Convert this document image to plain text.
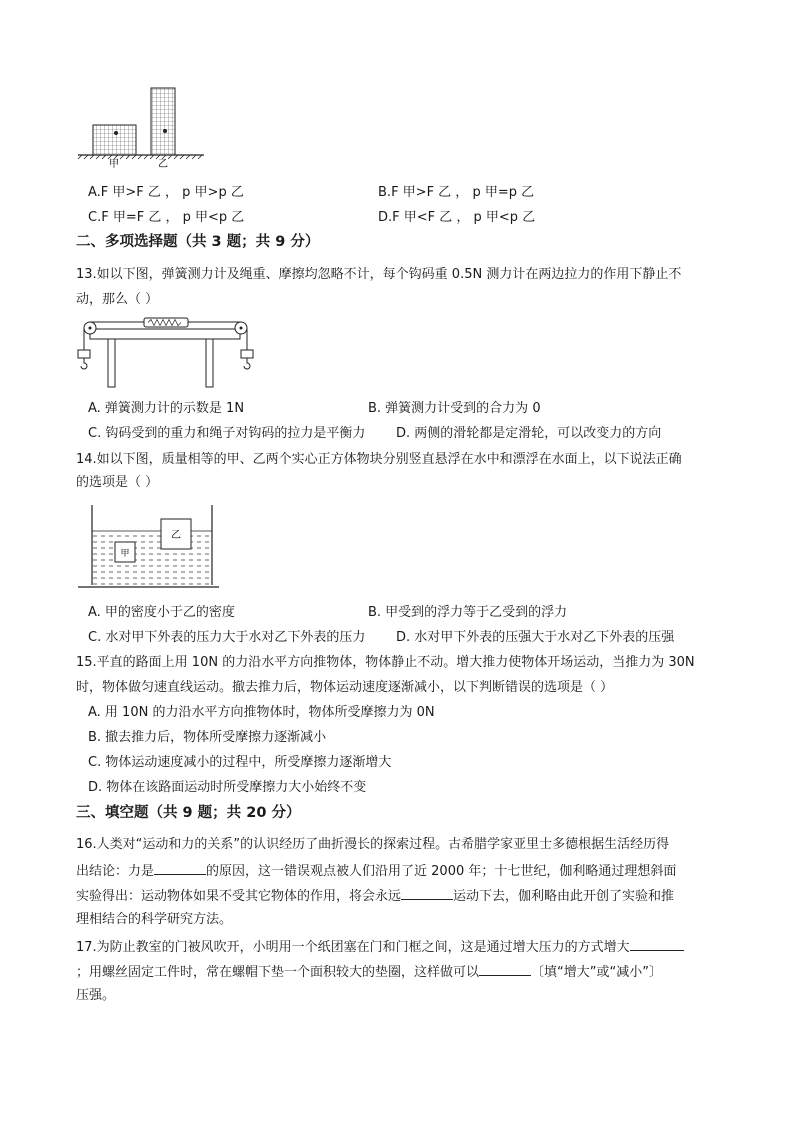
甲	乙
A.F 甲>F 乙 ， p 甲>p 乙	B.F 甲>F 乙 ， p 甲=p 乙
C.F 甲=F 乙 ， p 甲<p 乙	D.F 甲<F 乙 ， p 甲<p 乙
二、多项选择题（共 3 题；共 9 分）
13.如以下图，弹簧测力计及绳重、摩擦均忽略不计，每个钩码重 0.5N 测力计在两边拉力的作用下静止不
动，那么（ ）
A. 弹簧测力计的示数是 1N	B. 弹簧测力计受到的合力为 0
C. 钩码受到的重力和绳子对钩码的拉力是平衡力 D. 两侧的滑轮都是定滑轮，可以改变力的方向
14.如以下图，质量相等的甲、乙两个实心正方体物块分别竖直悬浮在水中和漂浮在水面上，以下说法正确
的选项是（ ）
甲
乙
A. 甲的密度小于乙的密度	B. 甲受到的浮力等于乙受到的浮力
C. 水对甲下外表的压力大于水对乙下外表的压力 D. 水对甲下外表的压强大于水对乙下外表的压强
15.平直的路面上用 10N 的力沿水平方向推物体，物体静止不动。增大推力使物体开场运动，当推力为 30N
时，物体做匀速直线运动。撤去推力后，物体运动速度逐渐减小，以下判断错误的选项是（ ）
A. 用 10N 的力沿水平方向推物体时，物体所受摩擦力为 0N
B. 撤去推力后，物体所受摩擦力逐渐减小
C. 物体运动速度减小的过程中，所受摩擦力逐渐增大
D. 物体在该路面运动时所受摩擦力大小始终不变
三、填空题（共 9 题；共 20 分）
16.人类对“运动和力的关系”的认识经历了曲折漫长的探索过程。古希腊学家亚里士多德根据生活经历得
出结论：力是	的原因，这一错误观点被人们沿用了近 2000 年；十七世纪，伽利略通过理想斜面
实验得出：运动物体如果不受其它物体的作用，将会永远	运动下去，伽利略由此开创了实验和推
理相结合的科学研究方法。
17.为防止教室的门被风吹开，小明用一个纸团塞在门和门框之间，这是通过增大压力的方式增大
；用螺丝固定工件时，常在螺帽下垫一个面积较大的垫圈，这样做可以	〔填“增大”或“减小”〕
压强。
